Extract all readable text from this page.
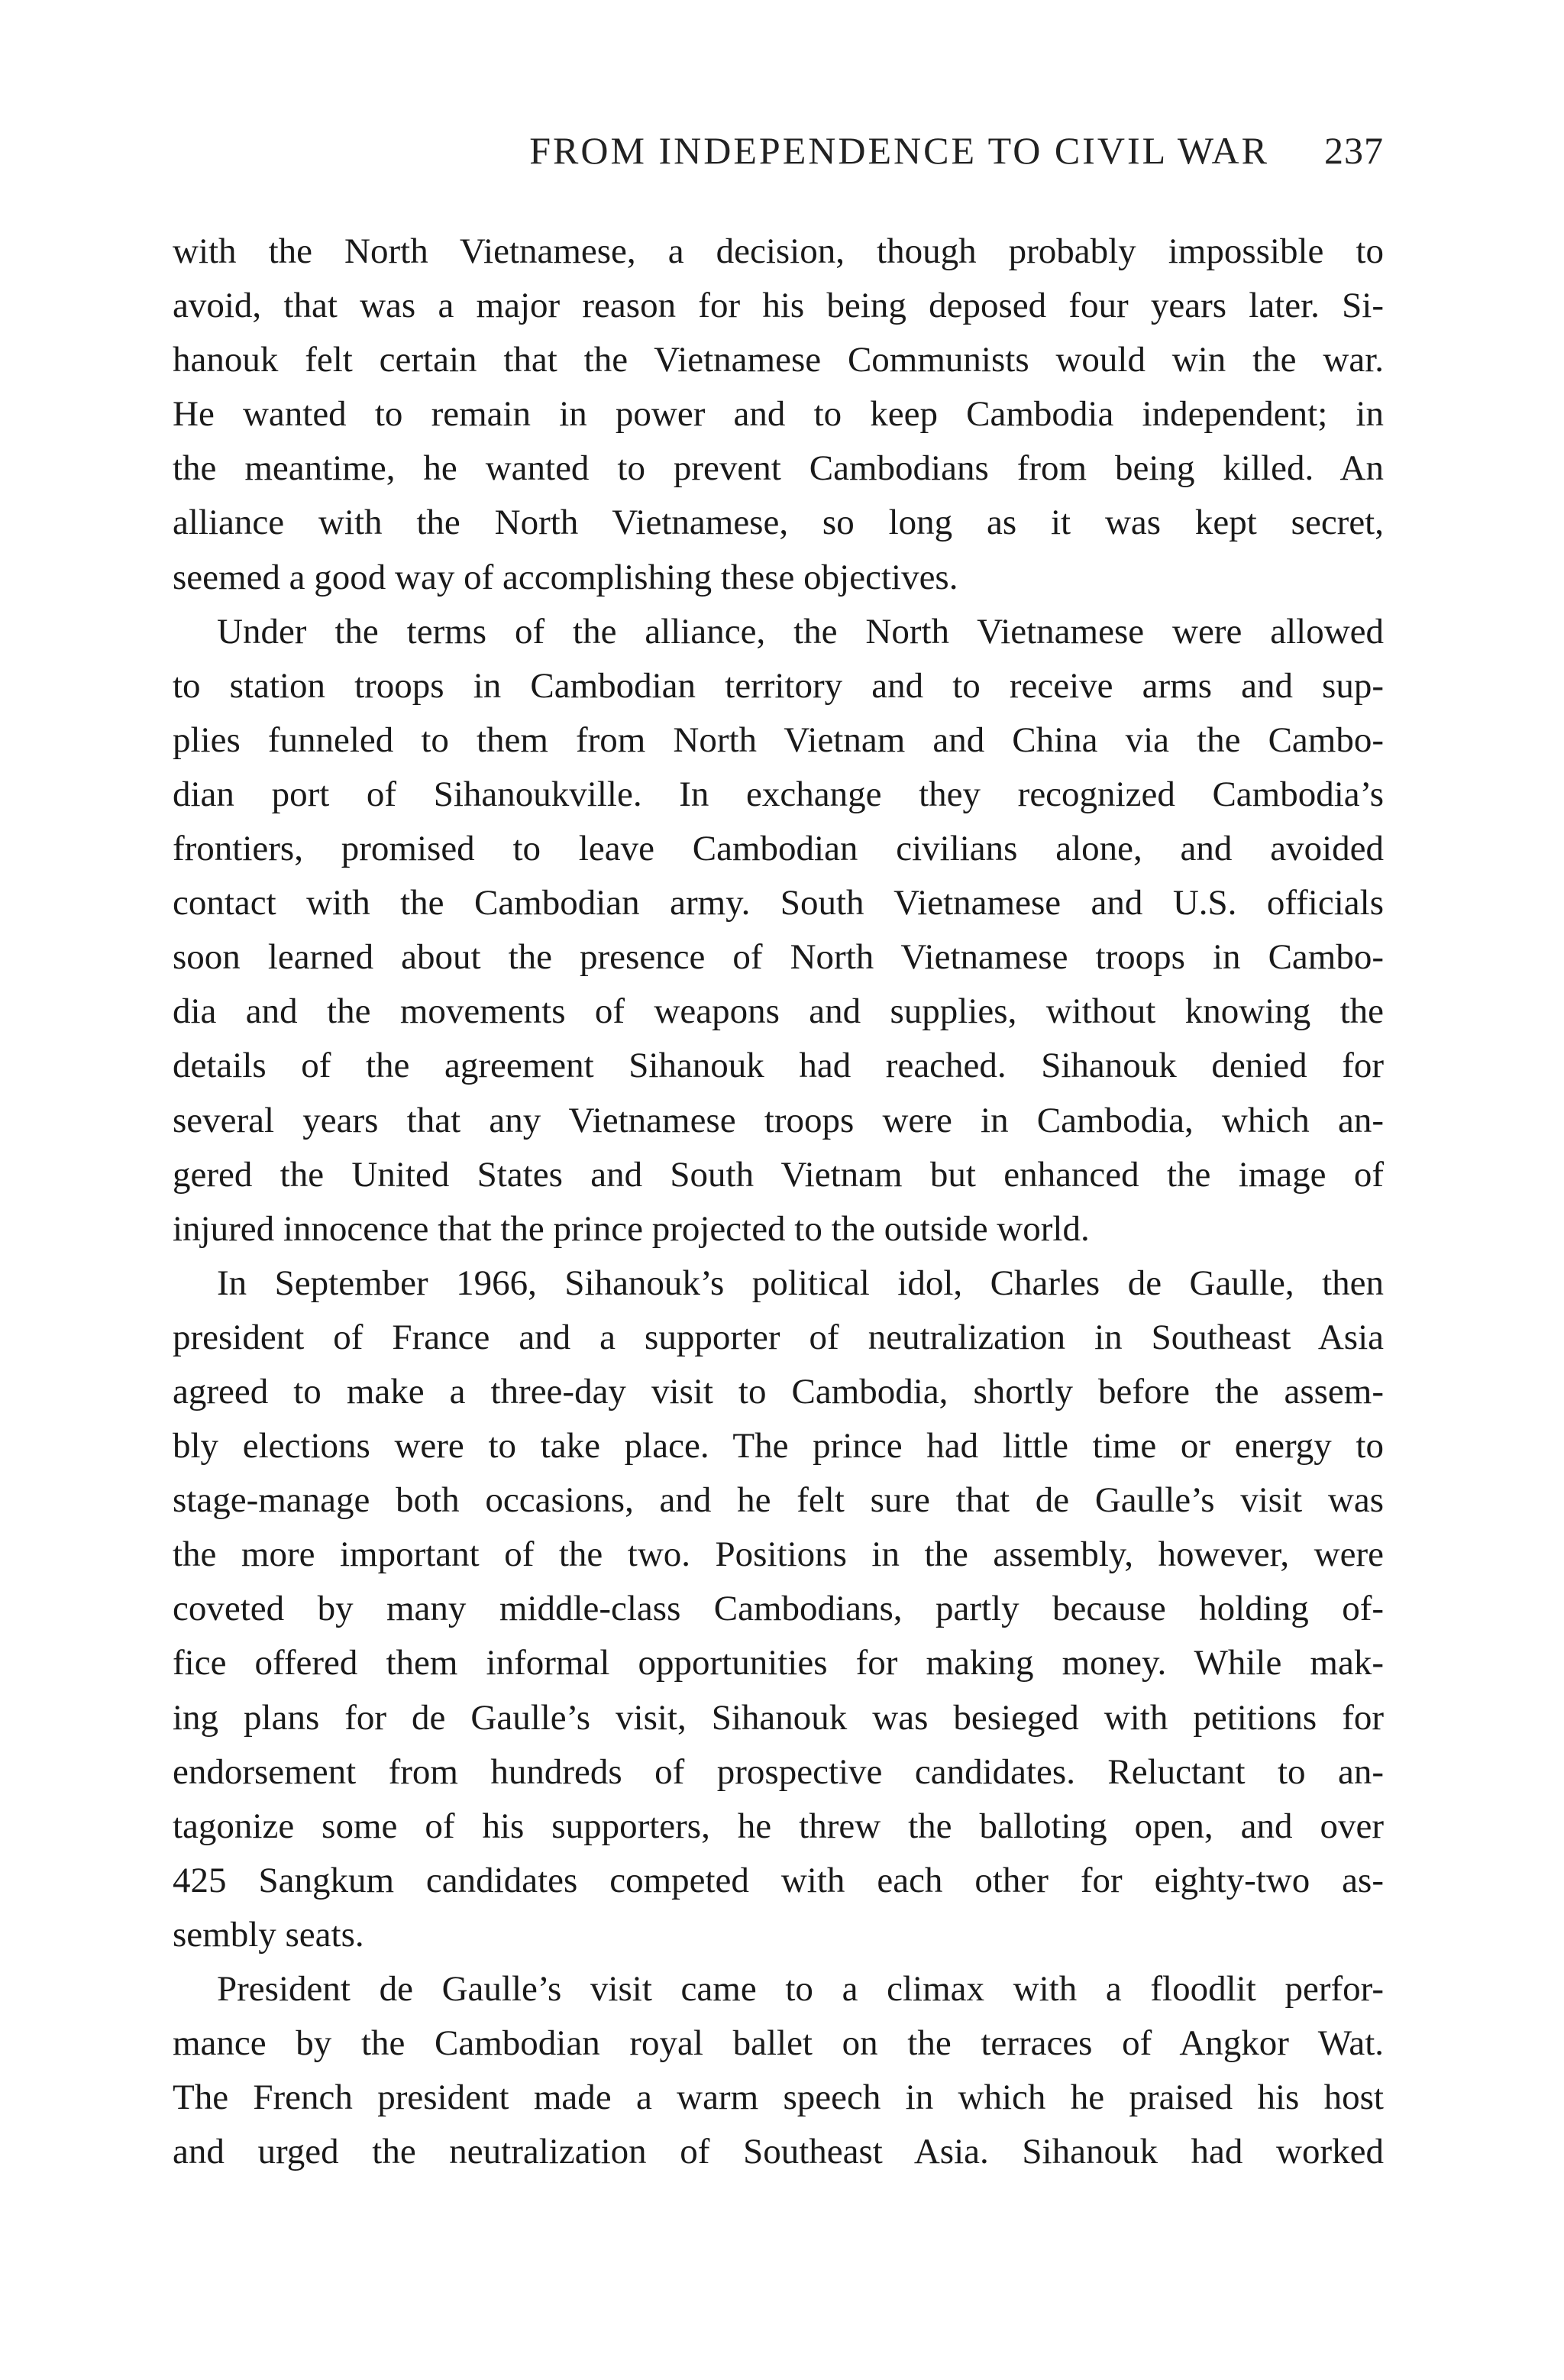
FROM INDEPENDENCE TO CIVIL WAR 237
with the North Vietnamese, a decision, though probably impossible to
avoid, that was a major reason for his being deposed four years later. Si-
hanouk felt certain that the Vietnamese Communists would win the war.
He wanted to remain in power and to keep Cambodia independent; in
the meantime, he wanted to prevent Cambodians from being killed. An
alliance with the North Vietnamese, so long as it was kept secret,
seemed a good way of accomplishing these objectives.
Under the terms of the alliance, the North Vietnamese were allowed
to station troops in Cambodian territory and to receive arms and sup-
plies funneled to them from North Vietnam and China via the Cambo-
dian port of Sihanoukville. In exchange they recognized Cambodia’s
frontiers, promised to leave Cambodian civilians alone, and avoided
contact with the Cambodian army. South Vietnamese and U.S. officials
soon learned about the presence of North Vietnamese troops in Cambo-
dia and the movements of weapons and supplies, without knowing the
details of the agreement Sihanouk had reached. Sihanouk denied for
several years that any Vietnamese troops were in Cambodia, which an-
gered the United States and South Vietnam but enhanced the image of
injured innocence that the prince projected to the outside world.
In September 1966, Sihanouk’s political idol, Charles de Gaulle, then
president of France and a supporter of neutralization in Southeast Asia
agreed to make a three-day visit to Cambodia, shortly before the assem-
bly elections were to take place. The prince had little time or energy to
stage-manage both occasions, and he felt sure that de Gaulle’s visit was
the more important of the two. Positions in the assembly, however, were
coveted by many middle-class Cambodians, partly because holding of-
fice offered them informal opportunities for making money. While mak-
ing plans for de Gaulle’s visit, Sihanouk was besieged with petitions for
endorsement from hundreds of prospective candidates. Reluctant to an-
tagonize some of his supporters, he threw the balloting open, and over
425 Sangkum candidates competed with each other for eighty-two as-
sembly seats.
President de Gaulle’s visit came to a climax with a floodlit perfor-
mance by the Cambodian royal ballet on the terraces of Angkor Wat.
The French president made a warm speech in which he praised his host
and urged the neutralization of Southeast Asia. Sihanouk had worked
